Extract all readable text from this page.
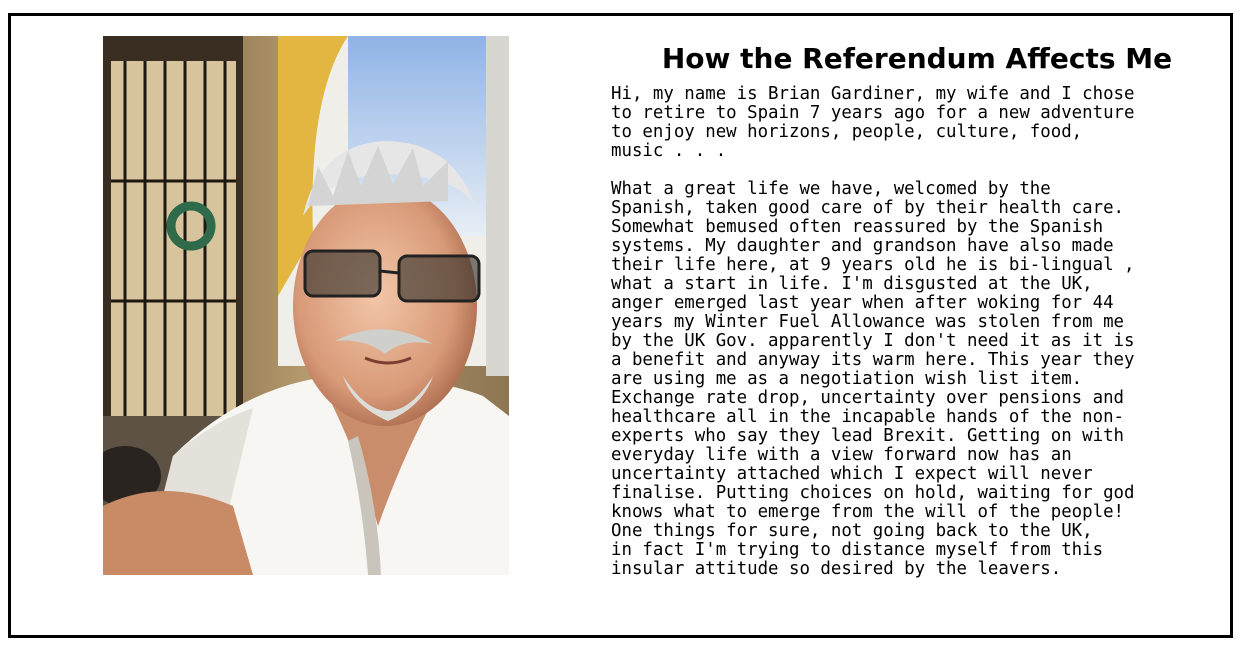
How the Referendum Affects Me

Hi, my name is Brian Gardiner, my wife and I chose
to retire to Spain 7 years ago for a new adventure
to enjoy new horizons, people, culture, food,
music . . .

What a great life we have, welcomed by the
Spanish, taken good care of by their health care.
Somewhat bemused often reassured by the Spanish
systems. My daughter and grandson have also made
their life here, at 9 years old he is bi-lingual ,
what a start in life. I'm disgusted at the UK,
anger emerged last year when after woking for 44
years my Winter Fuel Allowance was stolen from me
by the UK Gov. apparently I don't need it as it is
a benefit and anyway its warm here. This year they
are using me as a negotiation wish list item.
Exchange rate drop, uncertainty over pensions and
healthcare all in the incapable hands of the non-
experts who say they lead Brexit. Getting on with
everyday life with a view forward now has an
uncertainty attached which I expect will never
finalise. Putting choices on hold, waiting for god
knows what to emerge from the will of the people!
One things for sure, not going back to the UK,
in fact I'm trying to distance myself from this
insular attitude so desired by the leavers.
